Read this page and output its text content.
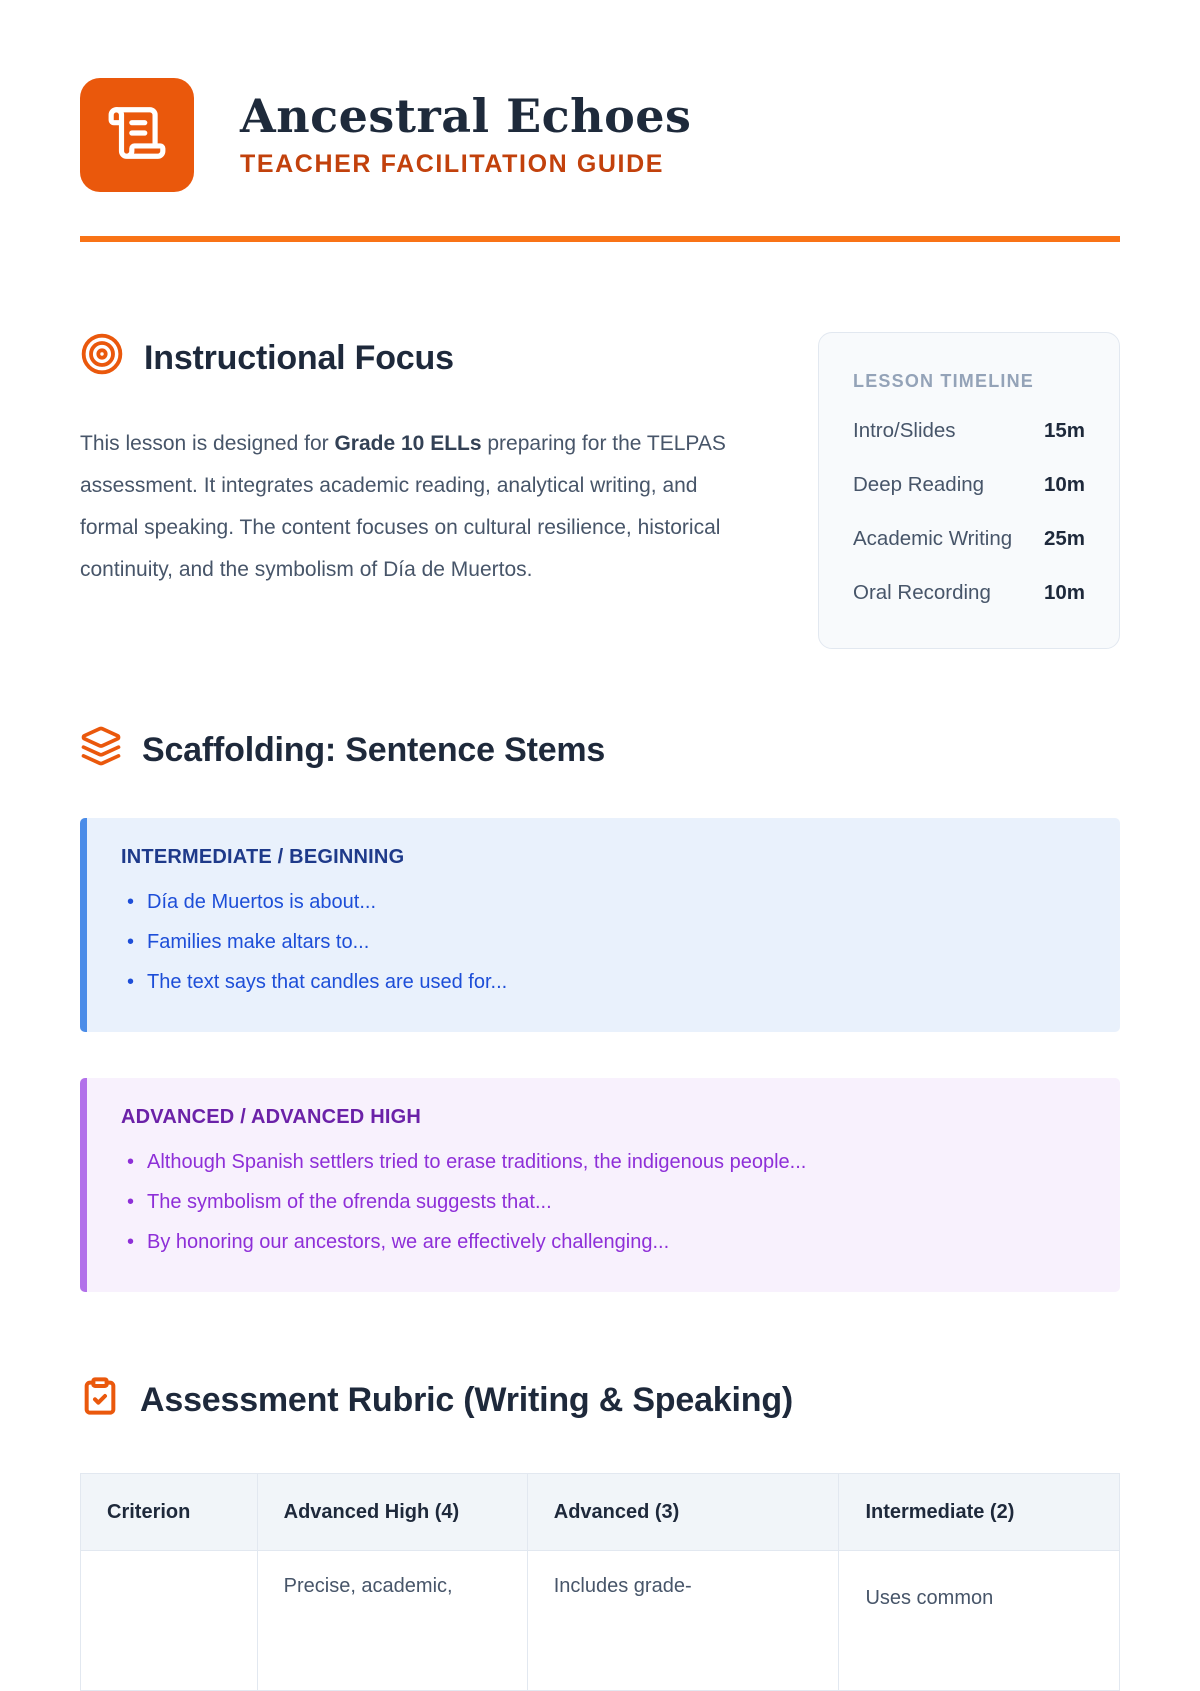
Ancestral Echoes
TEACHER FACILITATION GUIDE
Instructional Focus

This lesson is designed for Grade 10 ELLs preparing for the TELPAS assessment. It integrates academic reading, analytical writing, and formal speaking. The content focuses on cultural resilience, historical continuity, and the symbolism of Día de Muertos.

LESSON TIMELINE
Intro/Slides	15m
Deep Reading	10m
Academic Writing 25m
Oral Recording	10m
Scaffolding: Sentence Stems
INTERMEDIATE / BEGINNING
• Día de Muertos is about...
• Families make altars to...
• The text says that candles are used for...
ADVANCED / ADVANCED HIGH
• Although Spanish settlers tried to erase traditions, the indigenous people...
• The symbolism of the ofrenda suggests that...
• By honoring our ancestors, we are effectively challenging...
Assessment Rubric (Writing & Speaking)
Criterion	Advanced High (4)	Advanced (3)	Intermediate (2)
	Precise, academic,	Includes grade-	Uses common
